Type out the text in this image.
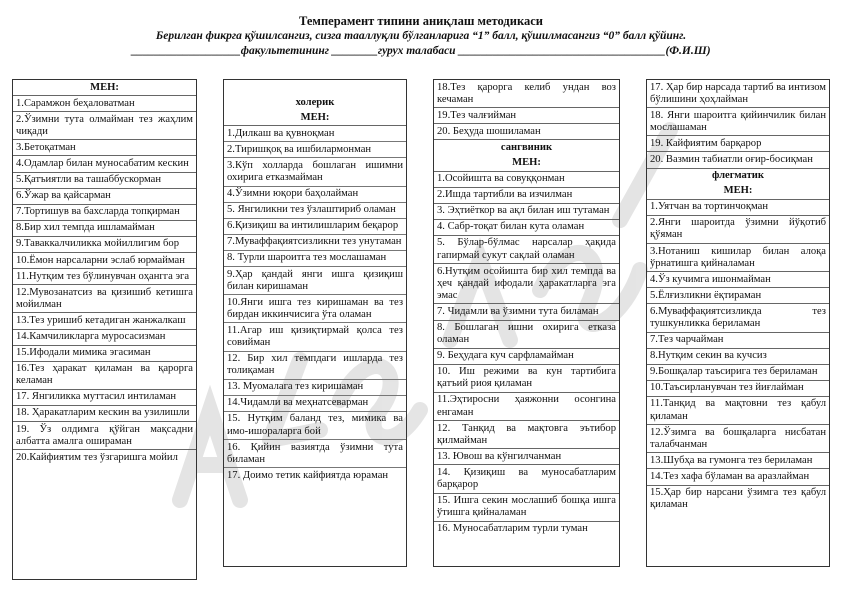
Темперамент типини аниқлаш методикаси
Берилган фикрга қўшилсангиз, сизга тааллуқли бўлганларига “1” балл, қўшилмасангиз “0” балл қўйинг.
___________________факультетининг ________гурух талабаси ____________________________________(Ф.И.Ш)
МЕН:
1.Сарамжон беҳаловатман
2.Ўзимни тута олмайман тез жаҳлим чиқади
3.Бетоқатман
4.Одамлар билан муносабатим кескин
5.Қатъиятли ва ташаббускорман
6.Ўжар ва қайсарман
7.Тортишув ва бахсларда топқирман
8.Бир хил темпда ишламайман
9.Таваккалчиликка мойиллигим бор
10.Ёмон нарсаларни эслаб юрмайман
11.Нутқим тез бўлинувчан оҳангга эга
12.Мувозанатсиз ва қизишиб кетишга мойилман
13.Тез уришиб кетадиган жанжалкаш
14.Камчиликларга муросасизман
15.Ифодали мимика эгасиман
16.Тез ҳаракат қиламан ва қарорга келаман
17. Янгиликка муттасил интиламан
18. Ҳаракатларим кескин ва узилишли
19. Ўз олдимга қўйган мақсадни албатта амалга ошираман
20.Кайфиятим тез ўзгаришга мойил
холерик
МЕН:
1.Дилкаш ва қувноқман
2.Тиришқоқ ва ишбилармонман
3.Кўп холларда бошлаган ишимни охирига етказмайман
4.Ўзимни юқори баҳолайман
5. Янгиликни тез ўзлаштириб оламан
6.Қизиқиш ва интилишларим беқарор
7.Муваффақиятсизликни тез унутаман
8. Турли шароитга тез мослашаман
9.Ҳар қандай янги ишга қизиқиш билан киришаман
10.Янги ишга тез киришаман ва тез бирдан иккинчисига ўта оламан
11.Агар иш қизиқтирмай қолса тез совийман
12. Бир хил темпдаги ишларда тез толиқаман
13. Муомалага тез киришаман
14.Чидамли ва меҳнатсеварман
15. Нутқим баланд тез, мимика ва имо-ишораларга бой
16. Қийин вазиятда ўзимни тута биламан
17. Доимо тетик кайфиятда юраман
18.Тез қарорга келиб ундан воз кечаман
19.Тез чалғийман
20. Беҳуда шошиламан
сангвиник
МЕН:
1.Осойишта ва совуққонман
2.Ишда тартибли ва изчилман
3. Эҳтиёткор ва ақл билан иш тутаман
4. Сабр-тоқат билан кута оламан
5. Бўлар-бўлмас нарсалар ҳақида гапирмай сукут сақлай оламан
6.Нутқим осойишта бир хил темпда ва ҳеч қандай ифодали ҳаракатларга эга эмас
7. Чидамли ва ўзимни тута биламан
8. Бошлаган ишни охирига етказа оламан
9. Беҳудага куч сарфламайман
10. Иш режими ва кун тартибига қатъий риоя қиламан
11.Эҳтиросни ҳаяжонни осонгина енгаман
12. Танқид ва мақтовга эътибор қилмайман
13. Ювош ва кўнгилчанман
14. Қизиқиш ва муносабатларим барқарор
15. Ишга секин мослашиб бошқа ишга ўтишга қийналаман
16. Муносабатларим турли туман
17. Ҳар бир нарсада тартиб ва интизом бўлишини ҳоҳлайман
18. Янги шароитга қийинчилик билан мослашаман
19. Кайфиятим барқарор
20. Вазмин табиатли оғир-босиқман
флегматик
МЕН:
1.Уятчан ва тортинчоқман
2.Янги шароитда ўзимни йўқотиб қўяман
3.Нотаниш кишилар билан алоқа ўрнатишга қийналаман
4.Ўз кучимга ишонмайман
5.Ёлғизликни ёқтираман
6.Муваффақиятсизликда тез тушкунликка бериламан
7.Тез чарчайман
8.Нутқим секин ва кучсиз
9.Бошқалар таъсирига тез бериламан
10.Таъсирланувчан тез йиғлайман
11.Танқид ва мақтовни тез қабул қиламан
12.Ўзимга ва бошқаларга нисбатан талабчанман
13.Шубҳа ва гумонга тез бериламан
14.Тез хафа бўламан ва аразлайман
15.Ҳар бир нарсани ўзимга тез қабул қиламан
